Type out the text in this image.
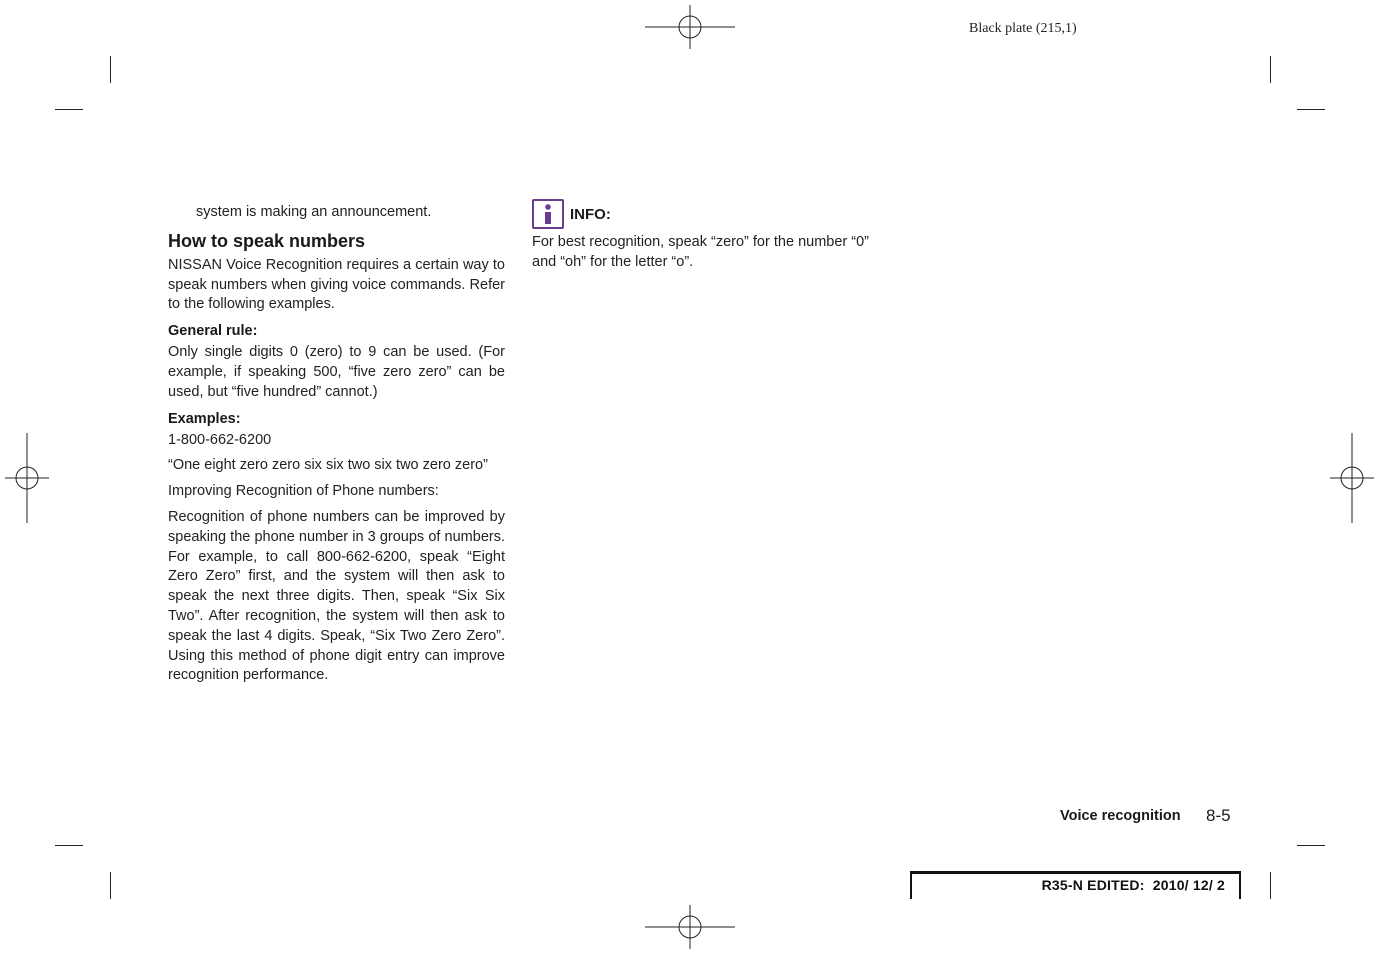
Black plate (215,1)

system is making an announcement.

How to speak numbers

NISSAN Voice Recognition requires a certain way to speak numbers when giving voice commands. Refer to the following examples.

General rule:

Only single digits 0 (zero) to 9 can be used. (For example, if speaking 500, “five zero zero” can be used, but “five hundred” cannot.)

Examples:

1-800-662-6200

“One eight zero zero six six two six two zero zero”

Improving Recognition of Phone numbers:

Recognition of phone numbers can be improved by speaking the phone number in 3 groups of numbers. For example, to call 800-662-6200, speak “Eight Zero Zero” first, and the system will then ask to speak the next three digits. Then, speak “Six Six Two”. After recognition, the system will then ask to speak the last 4 digits. Speak, “Six Two Zero Zero”. Using this method of phone digit entry can improve recognition performance.

INFO:

For best recognition, speak “zero” for the number “0” and “oh” for the letter “o”.

Voice recognition 8-5
R35-N EDITED:  2010/ 12/ 2
